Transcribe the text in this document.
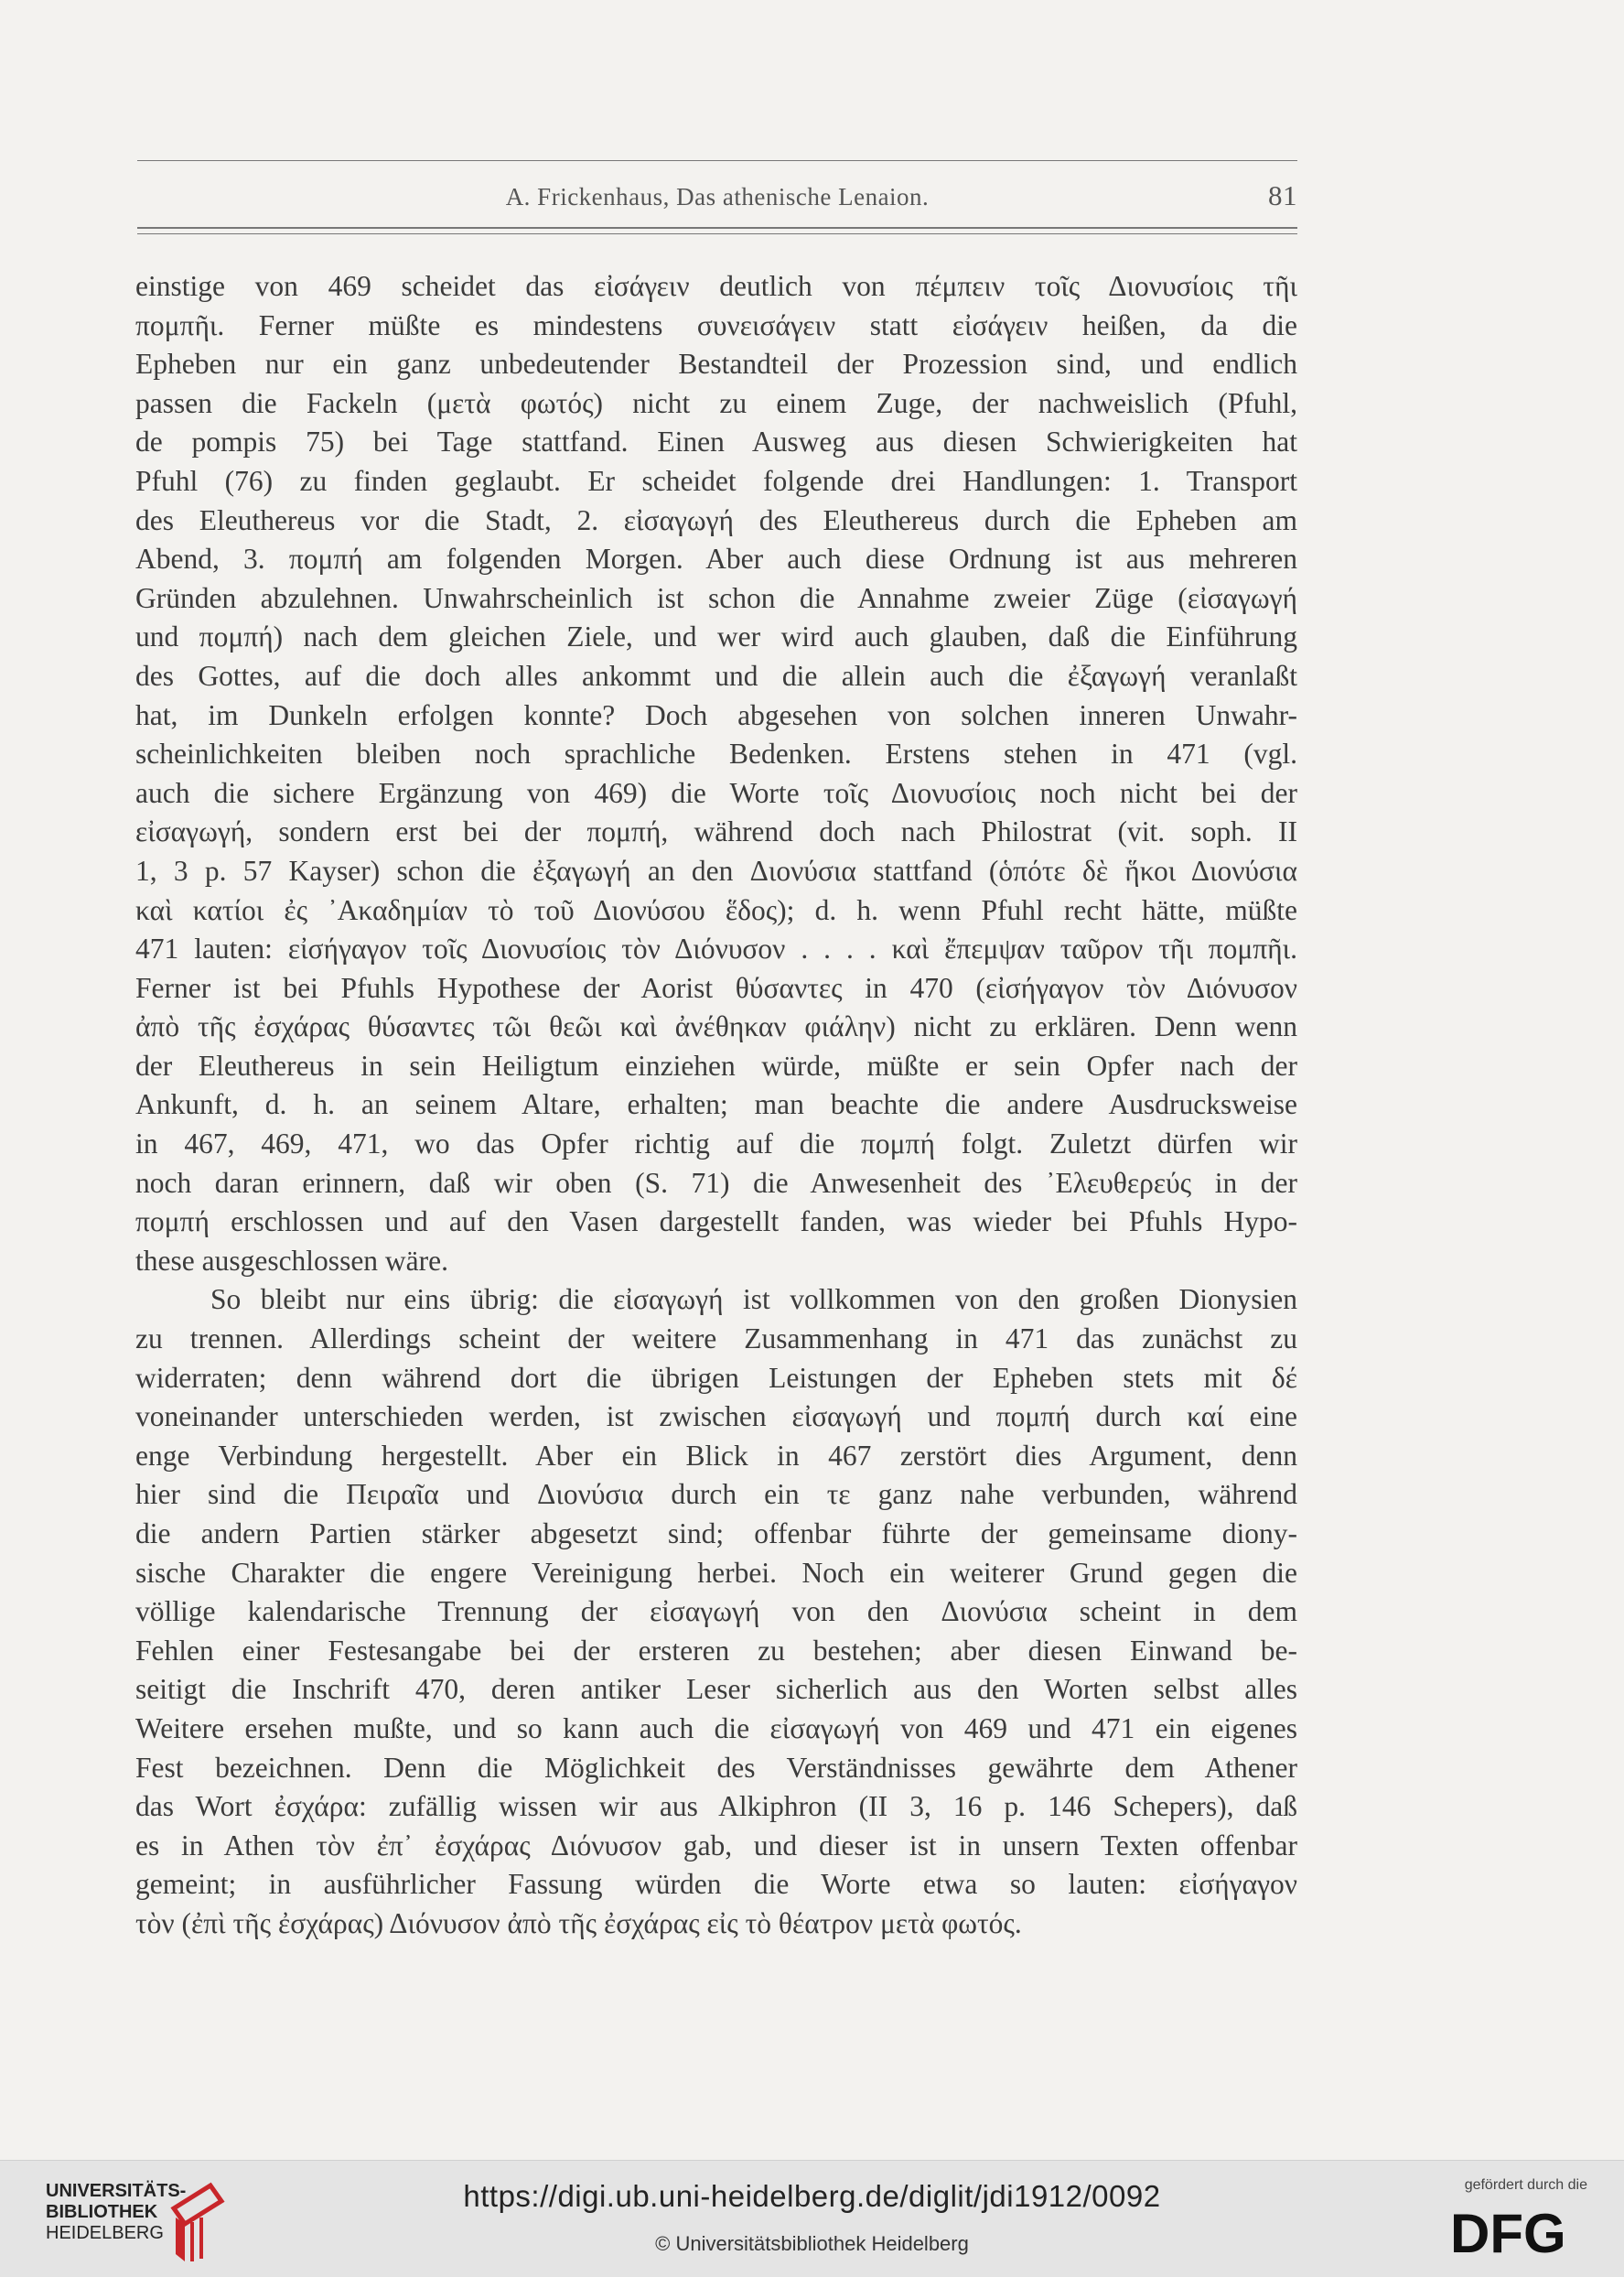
A. Frickenhaus, Das athenische Lenaion.	81
einstige von 469 scheidet das εἰσάγειν deutlich von πέμπειν τοῖς Διονυσίοις τῆι
πομπῆι. Ferner müßte es mindestens συνεισάγειν statt εἰσάγειν heißen, da die
Epheben nur ein ganz unbedeutender Bestandteil der Prozession sind, und endlich
passen die Fackeln (μετὰ φωτός) nicht zu einem Zuge, der nachweislich (Pfuhl,
de pompis 75) bei Tage stattfand. Einen Ausweg aus diesen Schwierigkeiten hat
Pfuhl (76) zu finden geglaubt. Er scheidet folgende drei Handlungen: 1. Transport
des Eleuthereus vor die Stadt, 2. εἰσαγωγή des Eleuthereus durch die Epheben am
Abend, 3. πομπή am folgenden Morgen. Aber auch diese Ordnung ist aus mehreren
Gründen abzulehnen. Unwahrscheinlich ist schon die Annahme zweier Züge (εἰσαγωγή
und πομπή) nach dem gleichen Ziele, und wer wird auch glauben, daß die Einführung
des Gottes, auf die doch alles ankommt und die allein auch die ἐξαγωγή veranlaßt
hat, im Dunkeln erfolgen konnte? Doch abgesehen von solchen inneren Unwahr-
scheinlichkeiten bleiben noch sprachliche Bedenken. Erstens stehen in 471 (vgl.
auch die sichere Ergänzung von 469) die Worte τοῖς Διονυσίοις noch nicht bei der
εἰσαγωγή, sondern erst bei der πομπή, während doch nach Philostrat (vit. soph. II
1, 3 p. 57 Kayser) schon die ἐξαγωγή an den Διονύσια stattfand (ὁπότε δὲ ἥκοι Διονύσια
καὶ κατίοι ἐς ᾿Ακαδημίαν τὸ τοῦ Διονύσου ἕδος); d. h. wenn Pfuhl recht hätte, müßte
471 lauten: εἰσήγαγον τοῖς Διονυσίοις τὸν Διόνυσον . . . . καὶ ἔπεμψαν ταῦρον τῆι πομπῆι.
Ferner ist bei Pfuhls Hypothese der Aorist θύσαντες in 470 (εἰσήγαγον τὸν Διόνυσον
ἀπὸ τῆς ἐσχάρας θύσαντες τῶι θεῶι καὶ ἀνέθηκαν φιάλην) nicht zu erklären. Denn wenn
der Eleuthereus in sein Heiligtum einziehen würde, müßte er sein Opfer nach der
Ankunft, d. h. an seinem Altare, erhalten; man beachte die andere Ausdrucksweise
in 467, 469, 471, wo das Opfer richtig auf die πομπή folgt. Zuletzt dürfen wir
noch daran erinnern, daß wir oben (S. 71) die Anwesenheit des ᾿Ελευθερεύς in der
πομπή erschlossen und auf den Vasen dargestellt fanden, was wieder bei Pfuhls Hypo-
these ausgeschlossen wäre.
So bleibt nur eins übrig: die εἰσαγωγή ist vollkommen von den großen Dionysien
zu trennen. Allerdings scheint der weitere Zusammenhang in 471 das zunächst zu
widerraten; denn während dort die übrigen Leistungen der Epheben stets mit δέ
voneinander unterschieden werden, ist zwischen εἰσαγωγή und πομπή durch καί eine
enge Verbindung hergestellt. Aber ein Blick in 467 zerstört dies Argument, denn
hier sind die Πειραῖα und Διονύσια durch ein τε ganz nahe verbunden, während
die andern Partien stärker abgesetzt sind; offenbar führte der gemeinsame diony-
sische Charakter die engere Vereinigung herbei. Noch ein weiterer Grund gegen die
völlige kalendarische Trennung der εἰσαγωγή von den Διονύσια scheint in dem
Fehlen einer Festesangabe bei der ersteren zu bestehen; aber diesen Einwand be-
seitigt die Inschrift 470, deren antiker Leser sicherlich aus den Worten selbst alles
Weitere ersehen mußte, und so kann auch die εἰσαγωγή von 469 und 471 ein eigenes
Fest bezeichnen. Denn die Möglichkeit des Verständnisses gewährte dem Athener
das Wort ἐσχάρα: zufällig wissen wir aus Alkiphron (II 3, 16 p. 146 Schepers), daß
es in Athen τὸν ἐπ᾿ ἐσχάρας Διόνυσον gab, und dieser ist in unsern Texten offenbar
gemeint; in ausführlicher Fassung würden die Worte etwa so lauten: εἰσήγαγον
τὸν (ἐπὶ τῆς ἐσχάρας) Διόνυσον ἀπὸ τῆς ἐσχάρας εἰς τὸ θέατρον μετὰ φωτός.
UNIVERSITÄTS-
BIBLIOTHEK
HEIDELBERG
https://digi.ub.uni-heidelberg.de/diglit/jdi1912/0092
© Universitätsbibliothek Heidelberg
gefördert durch die
DFG
